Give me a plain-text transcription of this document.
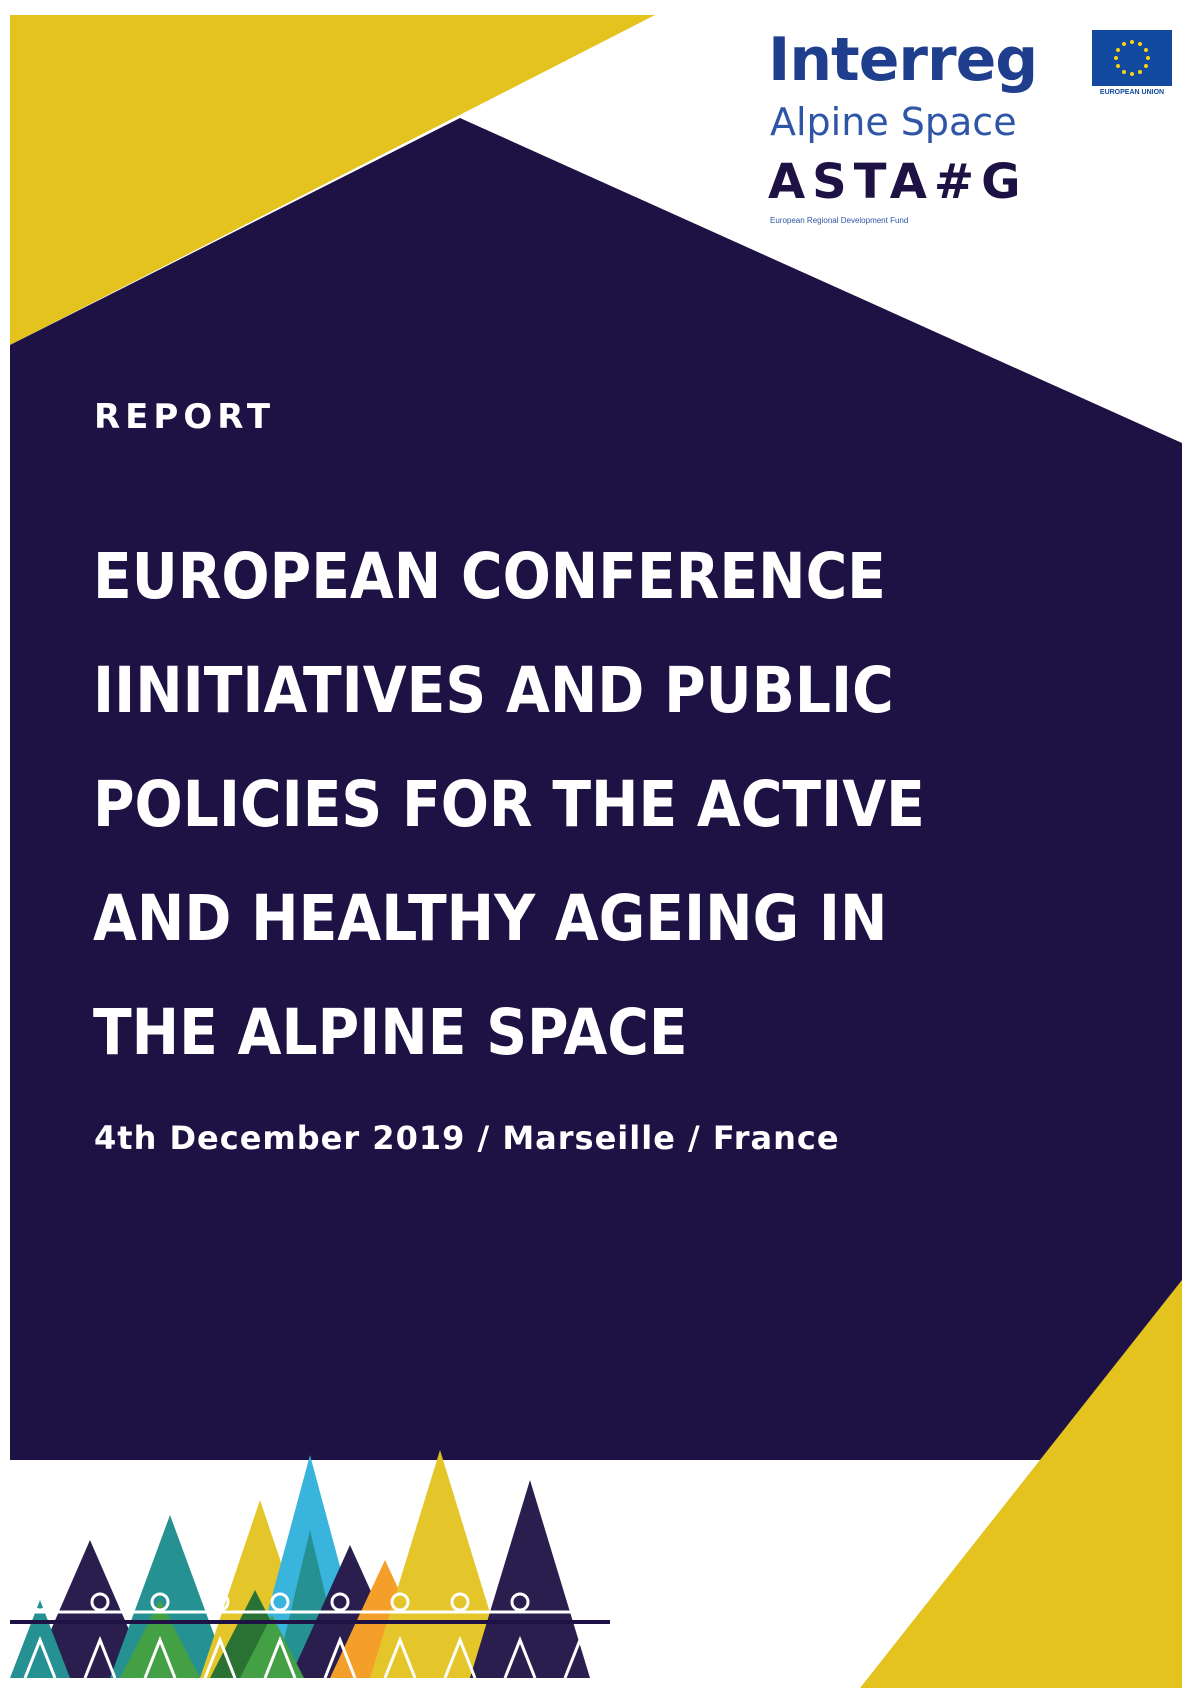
Interreg

Alpine Space

ASTA#G

European Regional Development Fund

EUROPEAN UNION

REPORT

EUROPEAN CONFERENCE

IINITIATIVES AND PUBLIC

POLICIES FOR THE ACTIVE

AND HEALTHY AGEING IN

THE ALPINE SPACE

4th December 2019 / Marseille / France
